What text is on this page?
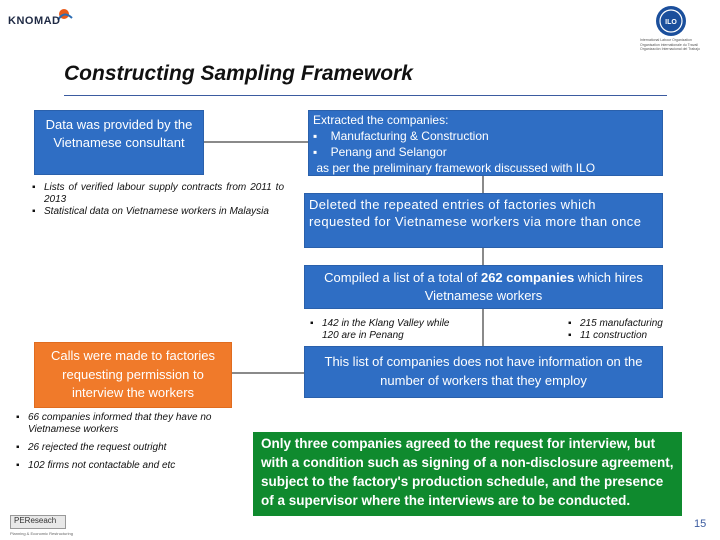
KNOMAD	ILO
International Labour Organization
Organisation internationale du Travail
Organización Internacional del Trabajo
Constructing Sampling Framework
Data was provided by the Vietnamese consultant
Extracted the companies:
▪    Manufacturing & Construction
▪    Penang and Selangor
as per the preliminary framework discussed with ILO
Deleted the repeated entries of factories which requested for Vietnamese workers via more than once
Compiled a list of a total of 262 companies which hires Vietnamese workers
This list of companies does not have information on the number of workers that they employ
Calls were made to factories requesting permission to interview the workers
Only three companies agreed to the request for interview, but with a condition such as signing of a non-disclosure agreement, subject to the factory's production schedule, and the presence of a supervisor where the interviews are to be conducted.
▪ Lists of verified labour supply contracts from 2011 to 2013
▪ Statistical data on Vietnamese workers in Malaysia
▪ 142 in the Klang Valley while 120 are in Penang
▪ 215 manufacturing
▪ 11 construction
▪ 66 companies informed that they have no Vietnamese workers
▪ 26 rejected the request outright
▪ 102 firms not contactable and etc
PEReseach
Planning & Economic Restructuring
15
